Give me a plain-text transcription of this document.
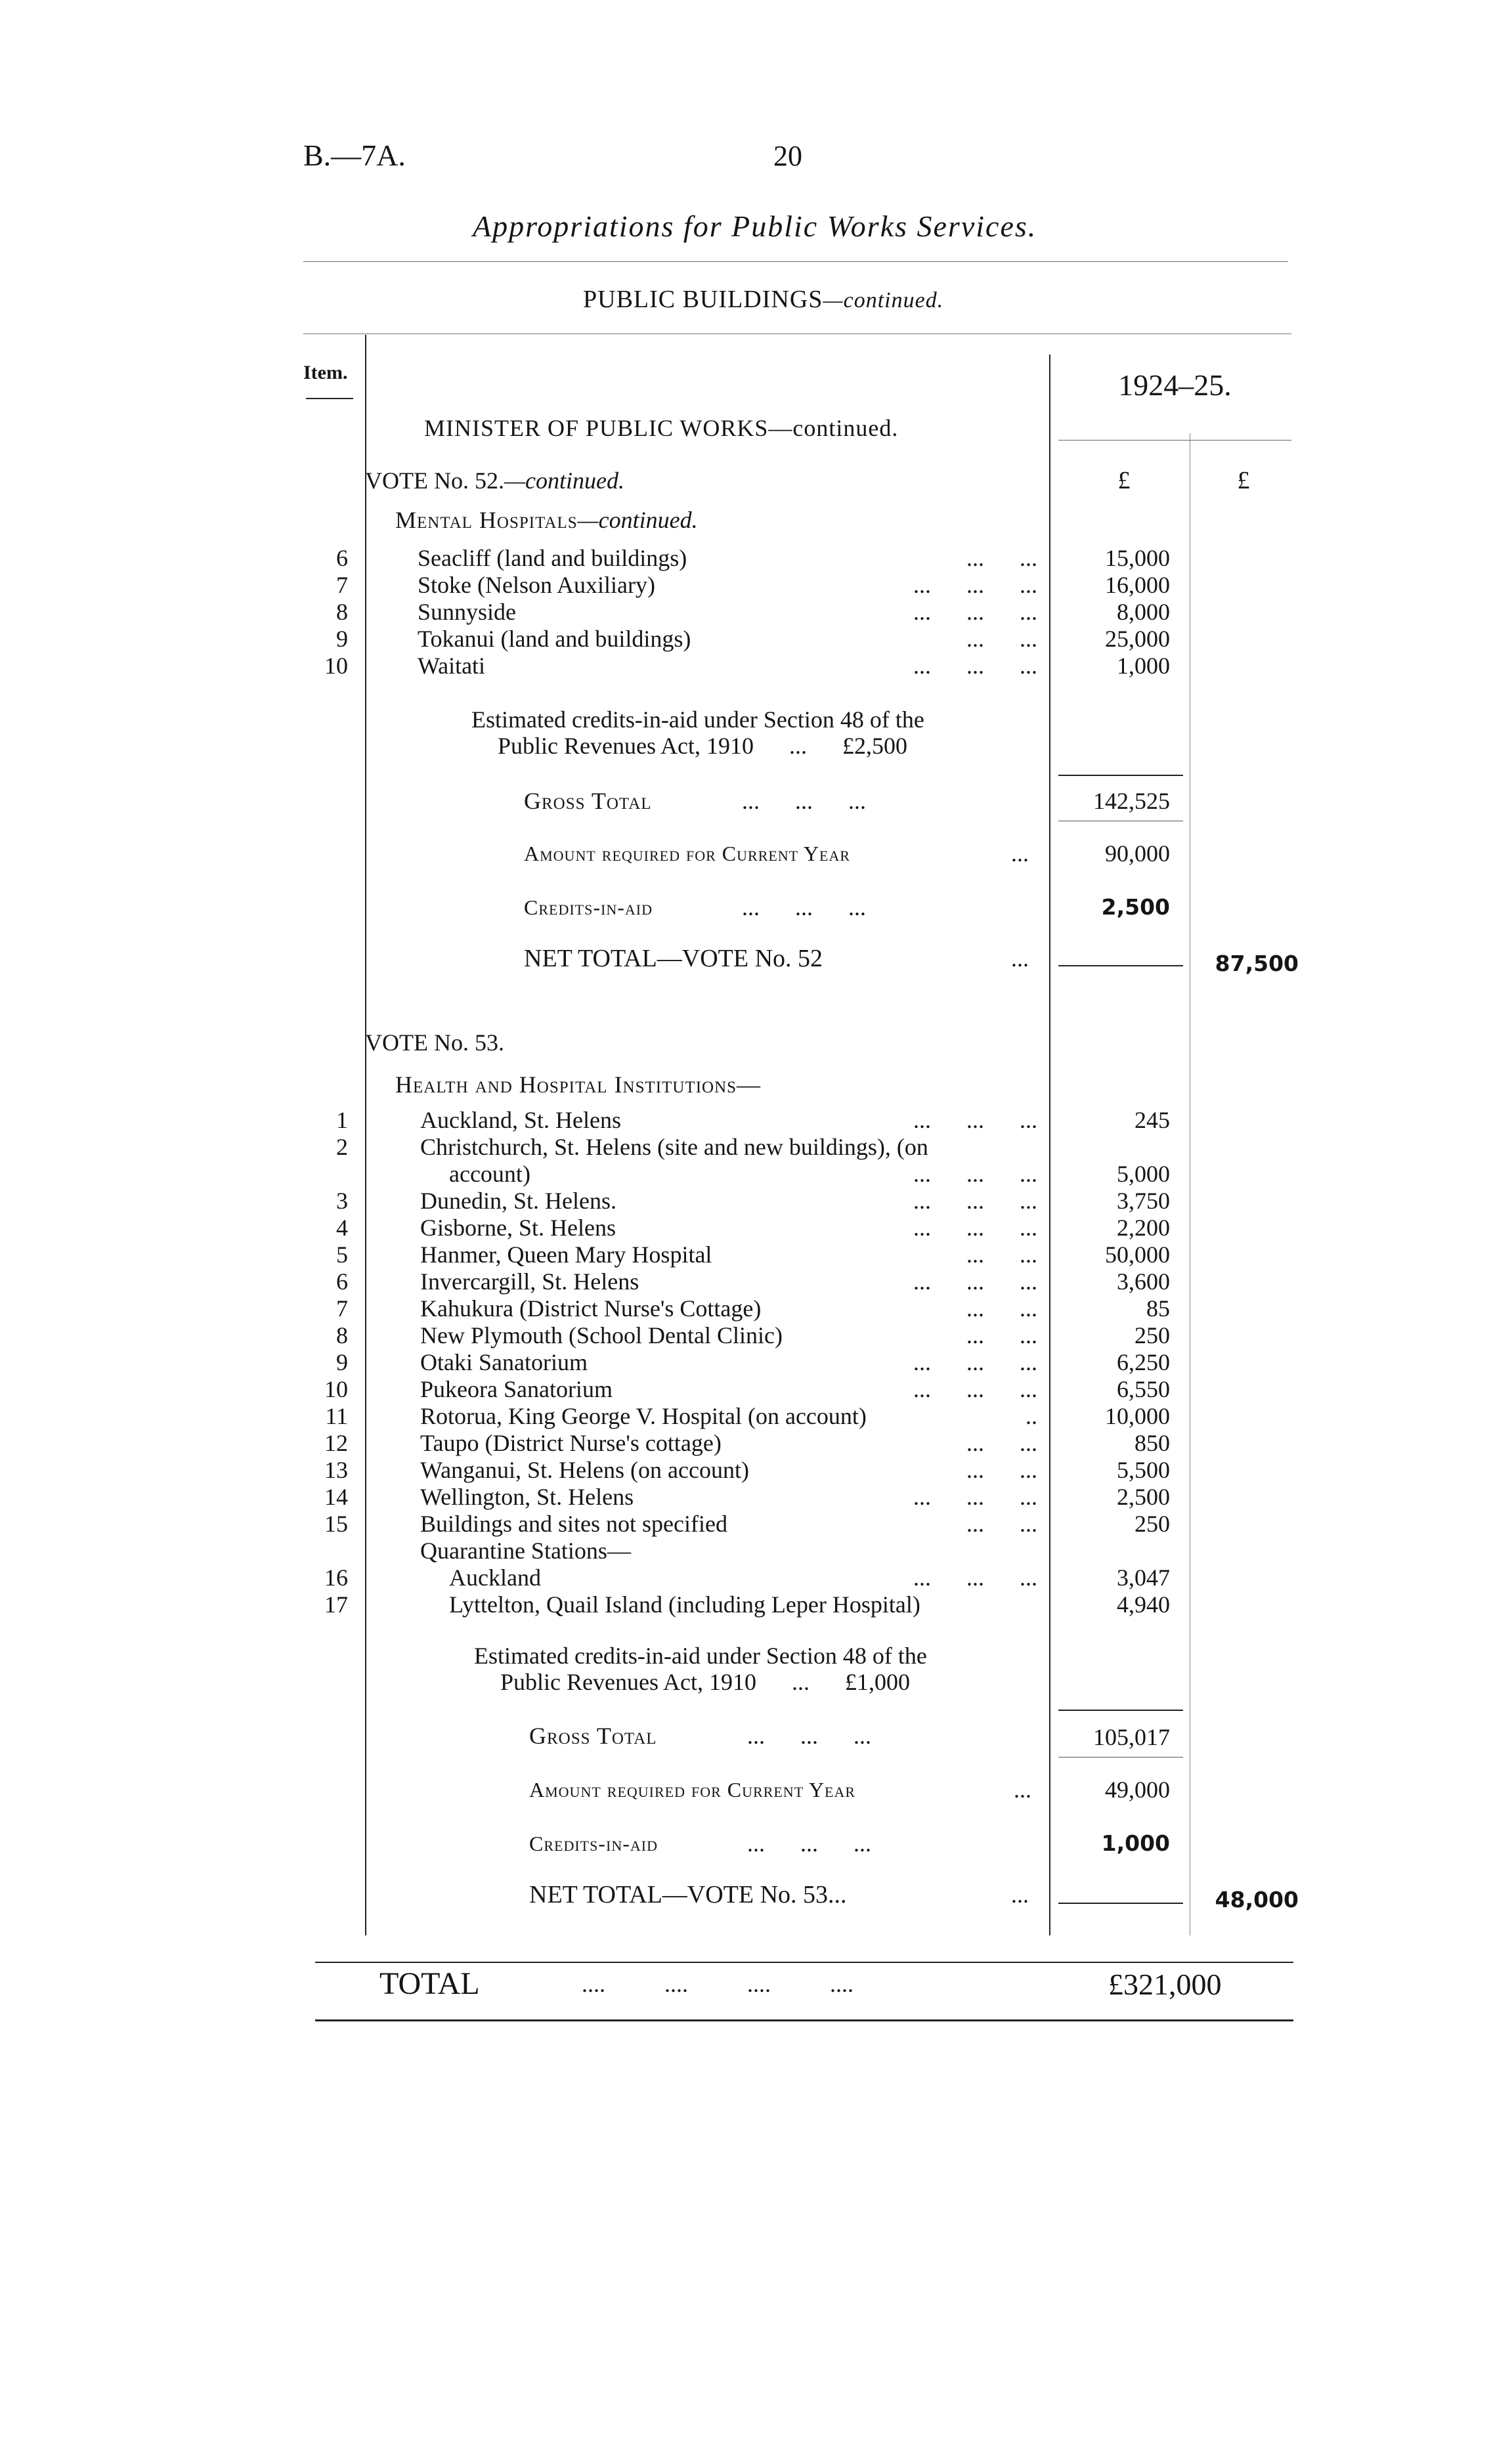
B.—7A.	20
Appropriations for Public Works Services.
PUBLIC BUILDINGS—continued.
Item.	1924–25.
£	£
MINISTER OF PUBLIC WORKS—continued.
VOTE No. 52.—continued.
Mental Hospitals—continued.
6	Seacliff (land and buildings)	...      ...	15,000
7	Stoke (Nelson Auxiliary)	...      ...      ...	16,000
8	Sunnyside	...      ...      ...	8,000
9	Tokanui (land and buildings)	...      ...	25,000
10	Waitati	...      ...      ...	1,000
Estimated credits-in-aid under Section 48 of the
Public Revenues Act, 1910      ...      £2,500
Gross Total	...      ...      ...	142,525
Amount required for Current Year	...	90,000
Credits-in-aid	...      ...      ...	2,500
NET TOTAL—VOTE No. 52	...	87,500
VOTE No. 53.
Health and Hospital Institutions—
1	Auckland, St. Helens	...      ...      ...	245
2	Christchurch, St. Helens (site and new buildings), (on
account)	...      ...      ...	5,000
3	Dunedin, St. Helens.	...      ...      ...	3,750
4	Gisborne, St. Helens	...      ...      ...	2,200
5	Hanmer, Queen Mary Hospital	...      ...	50,000
6	Invercargill, St. Helens	...      ...      ...	3,600
7	Kahukura (District Nurse's Cottage)	...      ...	85
8	New Plymouth (School Dental Clinic)	...      ...	250
9	Otaki Sanatorium	...      ...      ...	6,250
10	Pukeora Sanatorium	...      ...      ...	6,550
11	Rotorua, King George V. Hospital (on account)	..	10,000
12	Taupo (District Nurse's cottage)	...      ...	850
13	Wanganui, St. Helens (on account)	...      ...	5,500
14	Wellington, St. Helens	...      ...      ...	2,500
15	Buildings and sites not specified	...      ...	250
Quarantine Stations—
16	Auckland	...      ...      ...	3,047
17	Lyttelton, Quail Island (including Leper Hospital)	4,940
Estimated credits-in-aid under Section 48 of the
Public Revenues Act, 1910      ...      £1,000
Gross Total	...      ...      ...	105,017
Amount required for Current Year	...	49,000
Credits-in-aid	...      ...      ...	1,000
NET TOTAL—VOTE No. 53...	...	48,000
TOTAL	....          ....          ....          ....	£321,000
